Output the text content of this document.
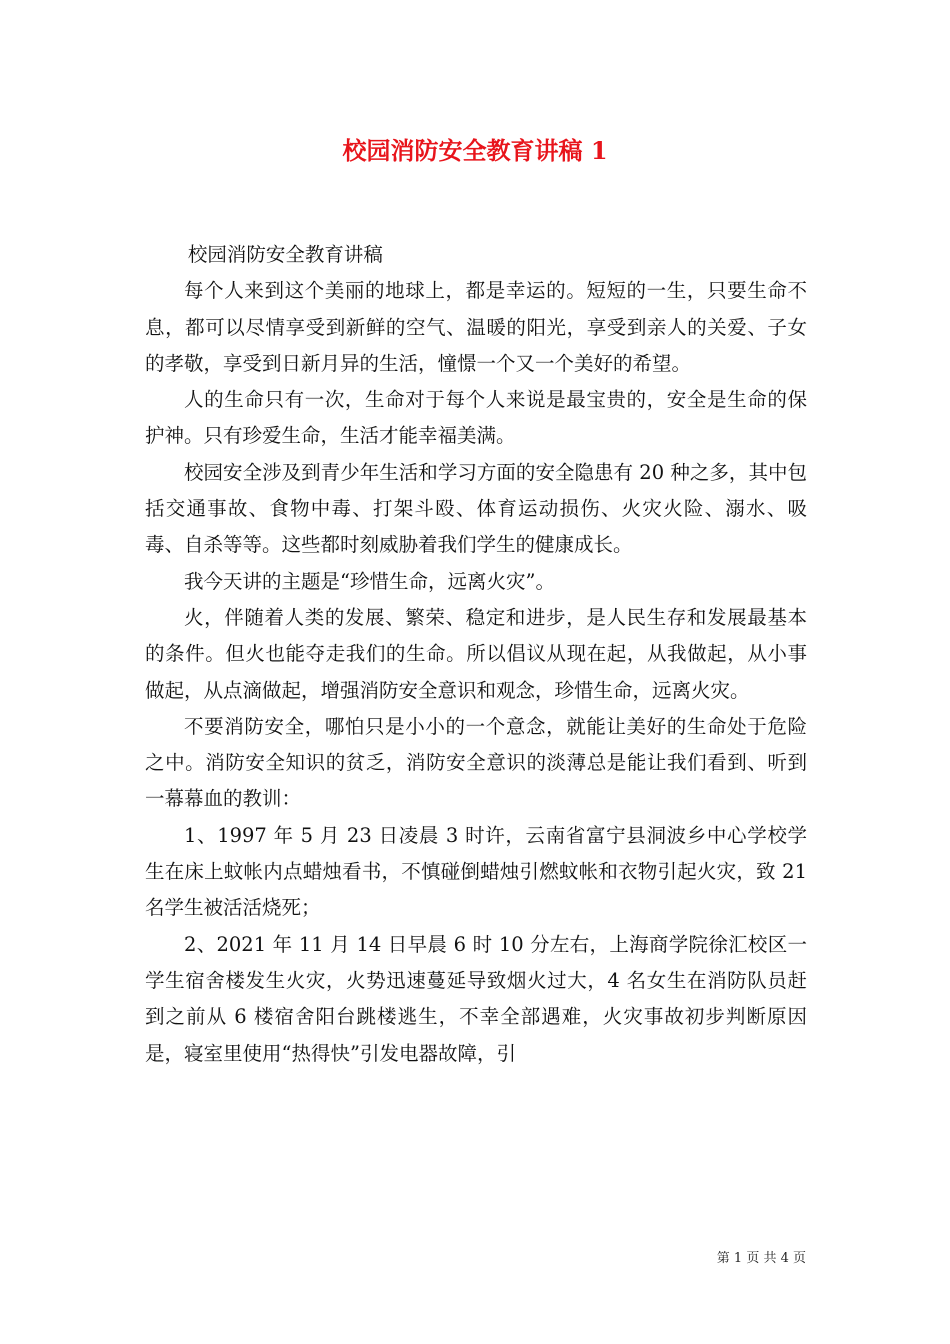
校园消防安全教育讲稿 1

校园消防安全教育讲稿

每个人来到这个美丽的地球上，都是幸运的。短短的一生，只要生命不息，都可以尽情享受到新鲜的空气、温暖的阳光，享受到亲人的关爱、子女的孝敬，享受到日新月异的生活，憧憬一个又一个美好的希望。

人的生命只有一次，生命对于每个人来说是最宝贵的，安全是生命的保护神。只有珍爱生命，生活才能幸福美满。

校园安全涉及到青少年生活和学习方面的安全隐患有 20 种之多，其中包括交通事故、食物中毒、打架斗殴、体育运动损伤、火灾火险、溺水、吸毒、自杀等等。这些都时刻威胁着我们学生的健康成长。

我今天讲的主题是“珍惜生命，远离火灾”。

火，伴随着人类的发展、繁荣、稳定和进步，是人民生存和发展最基本的条件。但火也能夺走我们的生命。所以倡议从现在起，从我做起，从小事做起，从点滴做起，增强消防安全意识和观念，珍惜生命，远离火灾。

不要消防安全，哪怕只是小小的一个意念，就能让美好的生命处于危险之中。消防安全知识的贫乏，消防安全意识的淡薄总是能让我们看到、听到一幕幕血的教训：

1、1997 年 5 月 23 日凌晨 3 时许，云南省富宁县洞波乡中心学校学生在床上蚊帐内点蜡烛看书，不慎碰倒蜡烛引燃蚊帐和衣物引起火灾，致 21 名学生被活活烧死；

2、2021 年 11 月 14 日早晨 6 时 10 分左右，上海商学院徐汇校区一学生宿舍楼发生火灾，火势迅速蔓延导致烟火过大，4 名女生在消防队员赶到之前从 6 楼宿舍阳台跳楼逃生，不幸全部遇难，火灾事故初步判断原因是，寝室里使用“热得快”引发电器故障，引

第 1 页 共 4 页
